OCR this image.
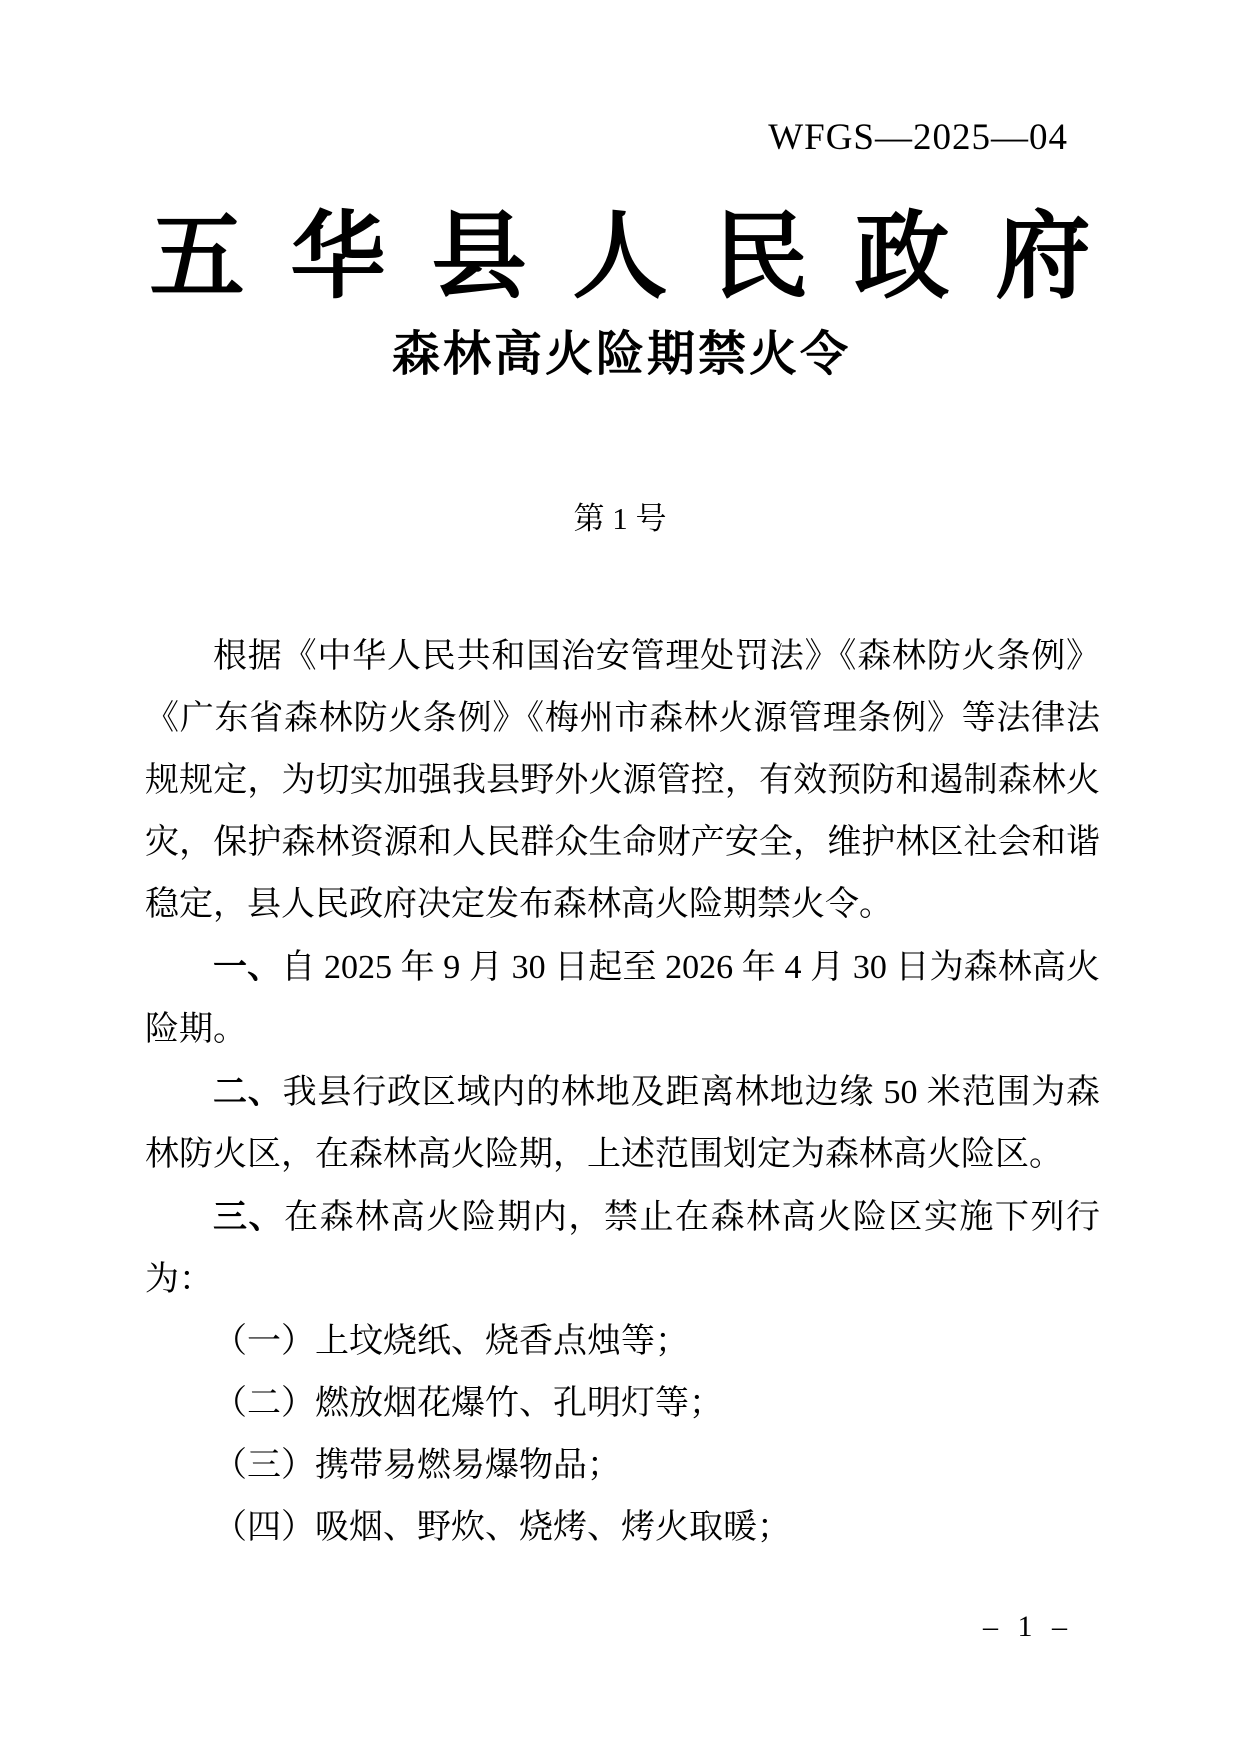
WFGS—2025—04
五华县人民政府
森林高火险期禁火令
第 1 号

根据《中华人民共和国治安管理处罚法》《森林防火条例》《广东省森林防火条例》《梅州市森林火源管理条例》等法律法规规定，为切实加强我县野外火源管控，有效预防和遏制森林火灾，保护森林资源和人民群众生命财产安全，维护林区社会和谐稳定，县人民政府决定发布森林高火险期禁火令。

一、自 2025 年 9 月 30 日起至 2026 年 4 月 30 日为森林高火险期。

二、我县行政区域内的林地及距离林地边缘 50 米范围为森林防火区，在森林高火险期，上述范围划定为森林高火险区。

三、在森林高火险期内，禁止在森林高火险区实施下列行为：

（一）上坟烧纸、烧香点烛等；

（二）燃放烟花爆竹、孔明灯等；

（三）携带易燃易爆物品；

（四）吸烟、野炊、烧烤、烤火取暖；

– 1 –
